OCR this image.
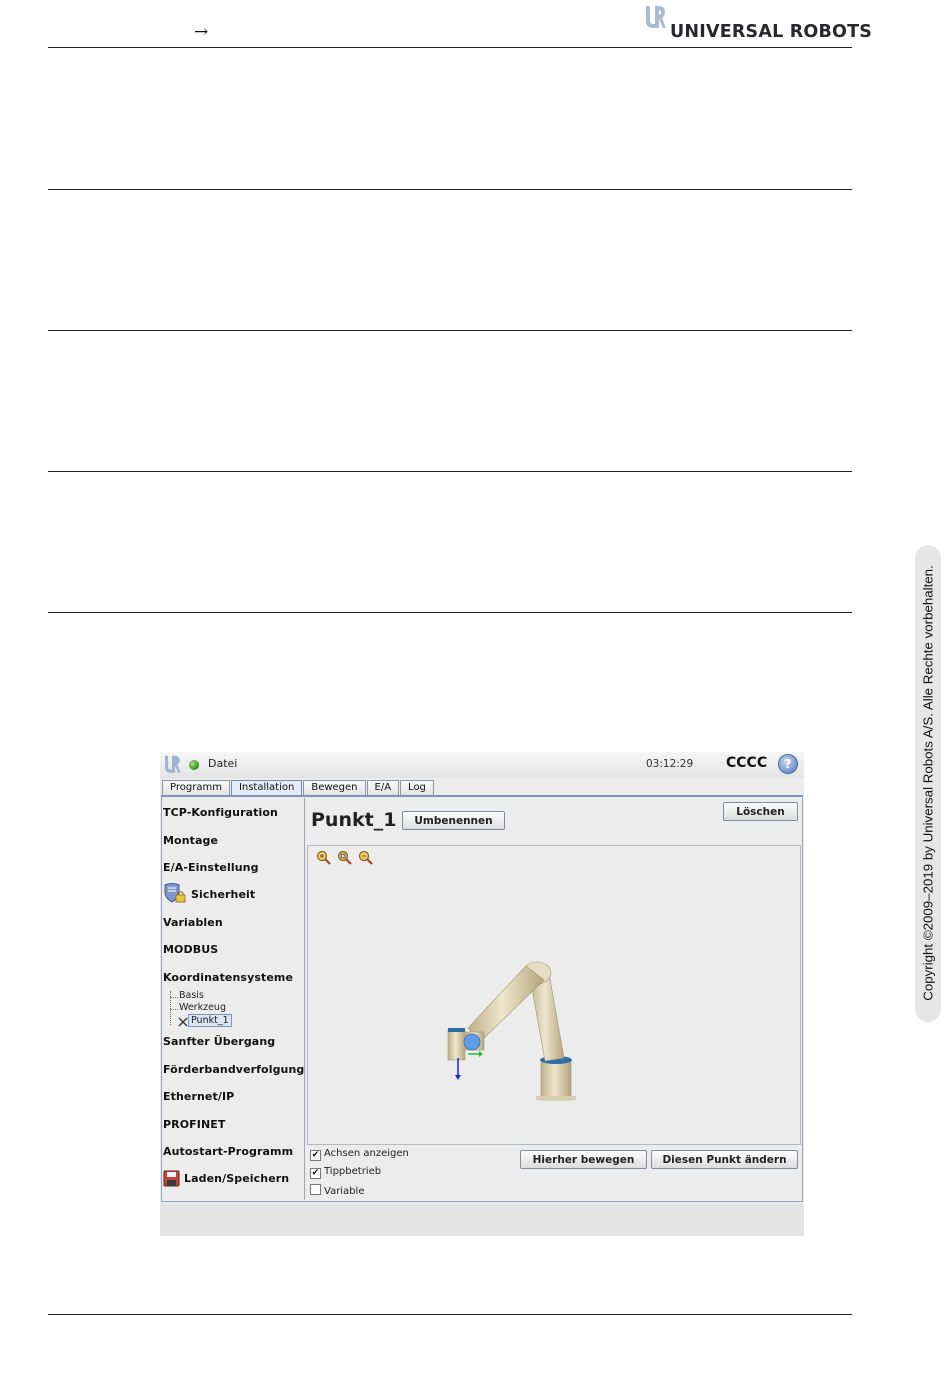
→	UNIVERSAL ROBOTS
Copyright ©2009–2019 by Universal Robots A/S. Alle Rechte vorbehalten.
Datei	03:12:29 CCCC	?
Programm	Installation	Bewegen	E/A	Log
TCP-Konfiguration
Montage
E/A-Einstellung
Sicherheit
Variablen
MODBUS
Koordinatensysteme
Basis
Werkzeug
Punkt_1
Sanfter Übergang
Förderbandverfolgung
Ethernet/IP
PROFINET
Autostart-Programm
Laden/Speichern
Punkt_1	Umbenennen
Löschen
✔ Achsen anzeigen
✔ Tippbetrieb
Variable
Hierher bewegen	Diesen Punkt ändern
